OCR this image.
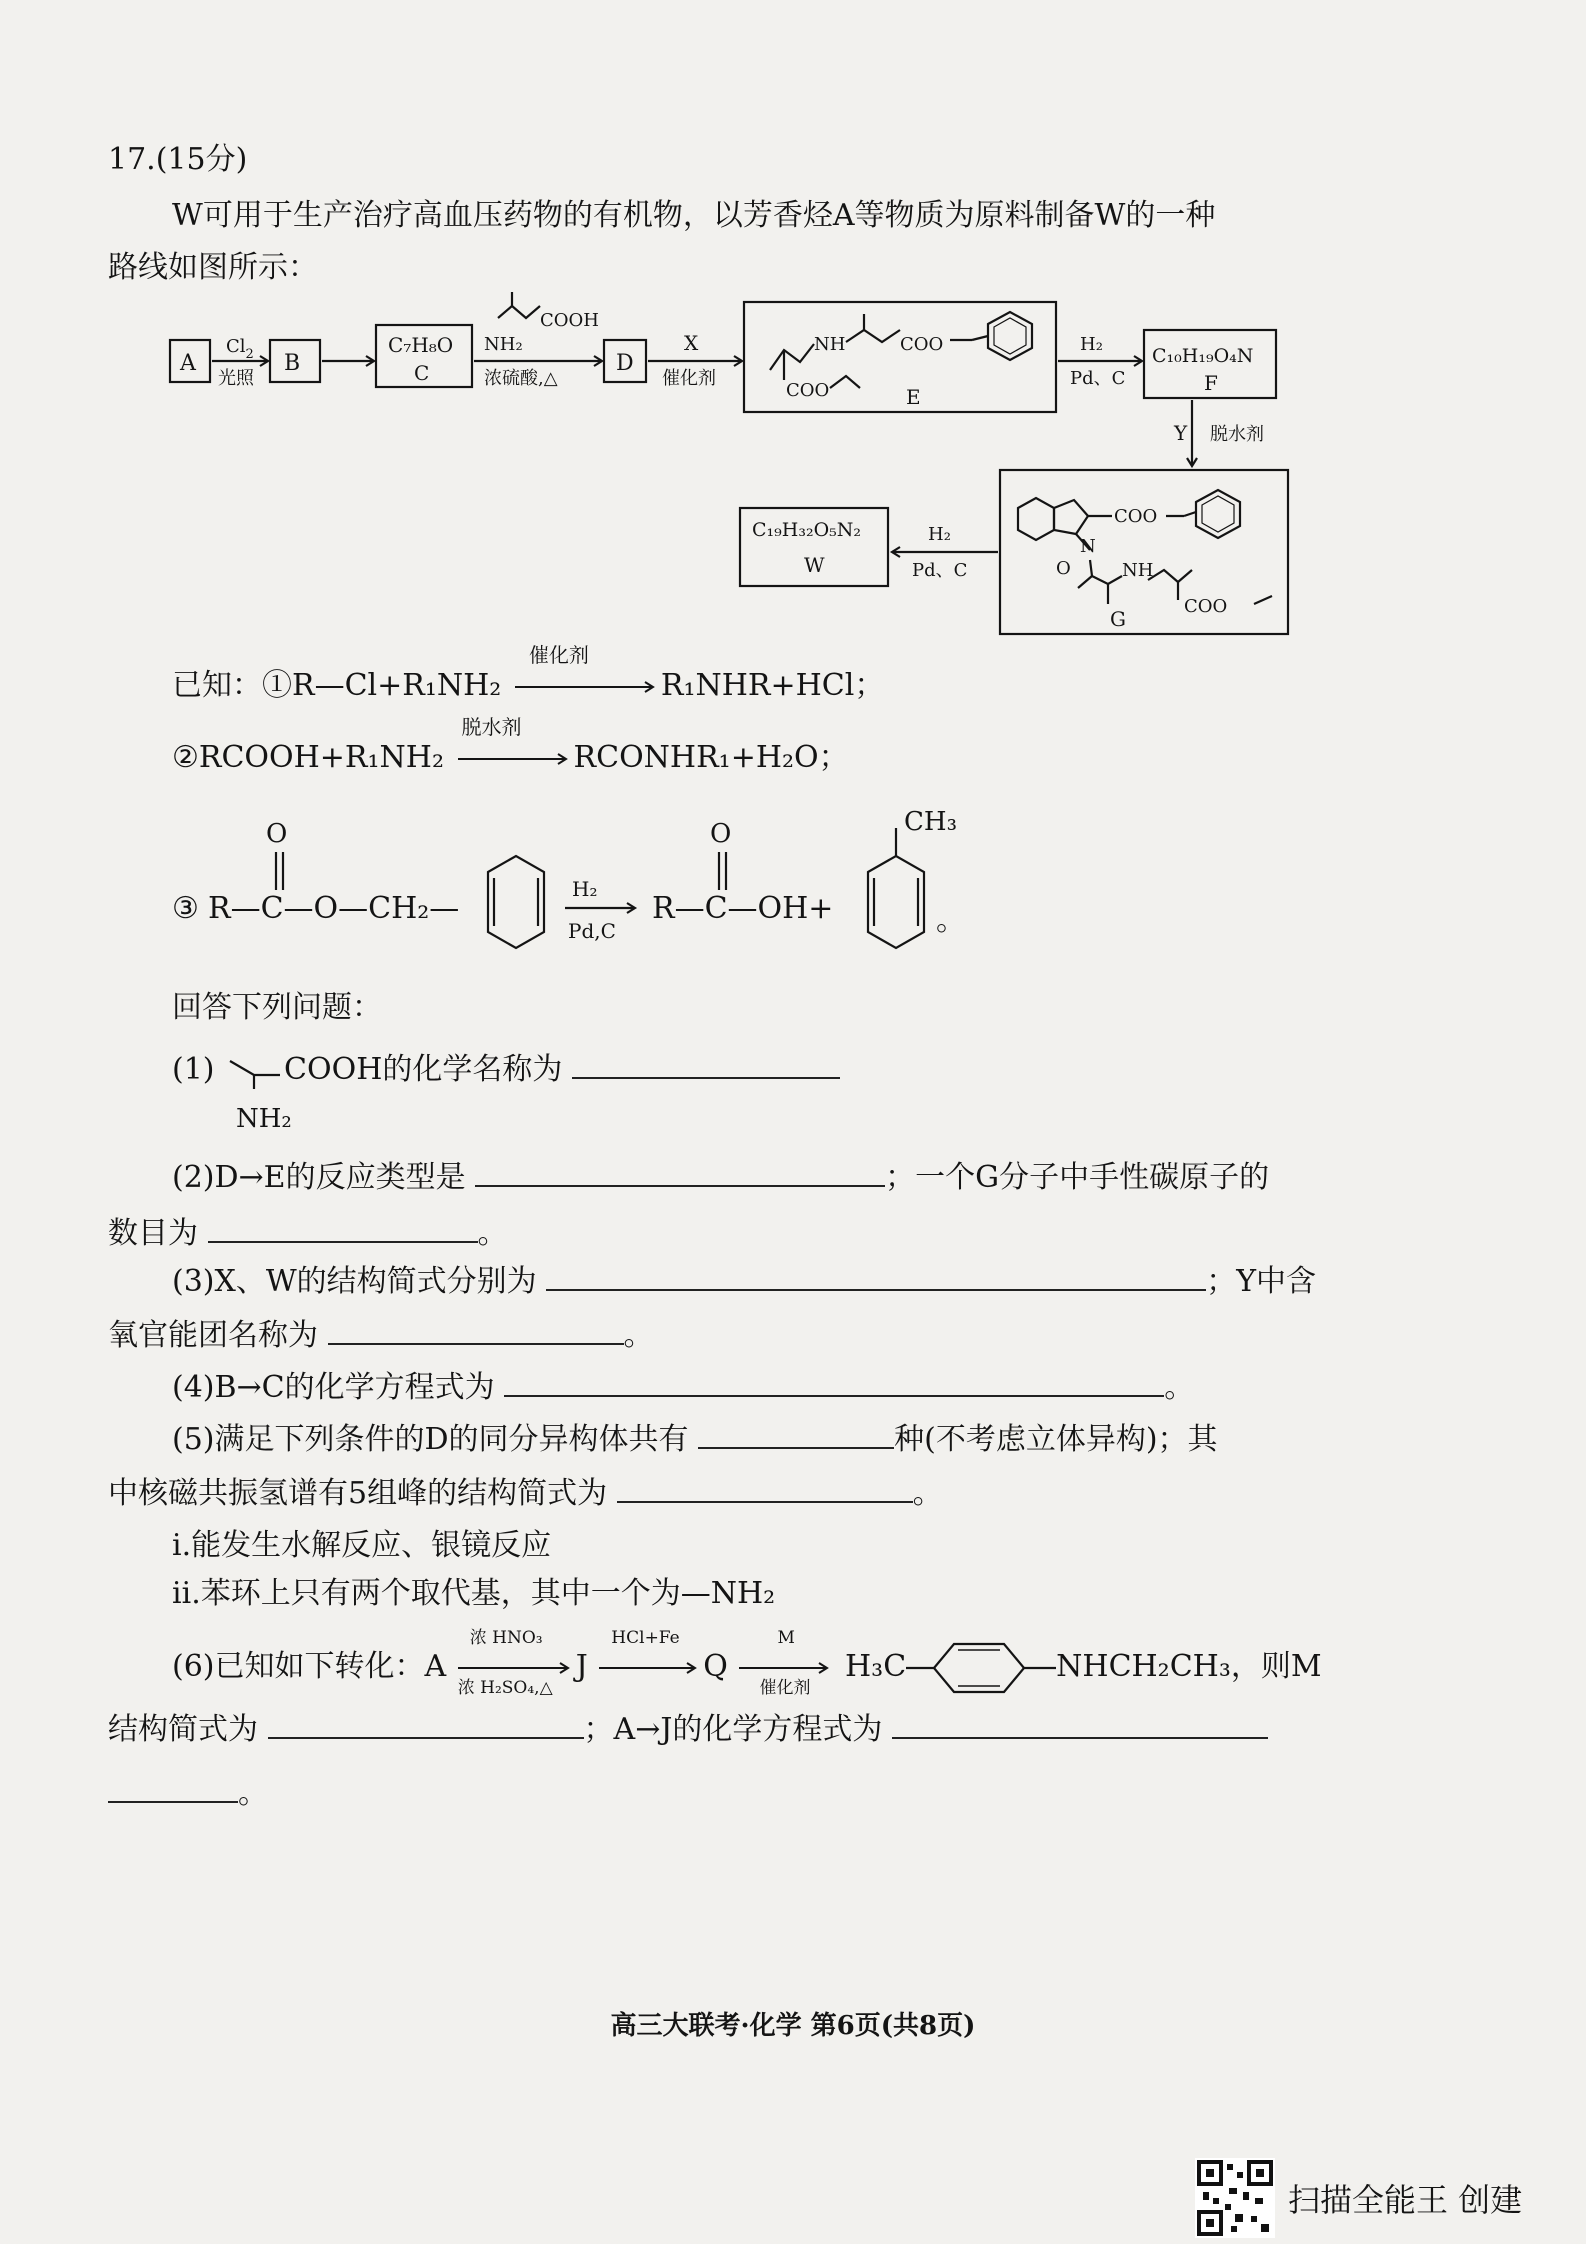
17.(15分)
W可用于生产治疗高血压药物的有机物，以芳香烃A等物质为原料制备W的一种
路线如图所示：
A
$Cl_2$
光照
B
C₇H₈O
C
COOH
NH₂
浓硫酸,△
D
X
催化剂
NH	COO
COO	E
H₂
Pd、C
C₁₀H₁₉O₄N
F
Y 脱水剂
COO
N
O	NH
COO
G
H₂
Pd、C
C₁₉H₃₂O₅N₂
W
已知：①R—Cl+R₁NH₂
催化剂
R₁NHR+HCl；
②RCOOH+R₁NH₂
脱水剂
RCONHR₁+H₂O；
③ R—C—O—CH₂—
O
H₂
Pd,C
R—C—OH+
O	CH₃
。
回答下列问题：
(1) COOH的化学名称为
NH₂
(2)D→E的反应类型是	；一个G分子中手性碳原子的
数目为	。
(3)X、W的结构简式分别为	；Y中含
氧官能团名称为	。
(4)B→C的化学方程式为	。
(5)满足下列条件的D的同分异构体共有	种(不考虑立体异构)；其
中核磁共振氢谱有5组峰的结构简式为	。
ⅰ.能发生水解反应、银镜反应
ⅱ.苯环上只有两个取代基，其中一个为—NH₂
(6)已知如下转化：A
浓 HNO₃
浓 H₂SO₄,△
J
HCl+Fe
Q
M
催化剂
H₃C	NHCH₂CH₃，则M
结构简式为	；A→J的化学方程式为
。
高三大联考·化学 第6页(共8页)
扫描全能王 创建
